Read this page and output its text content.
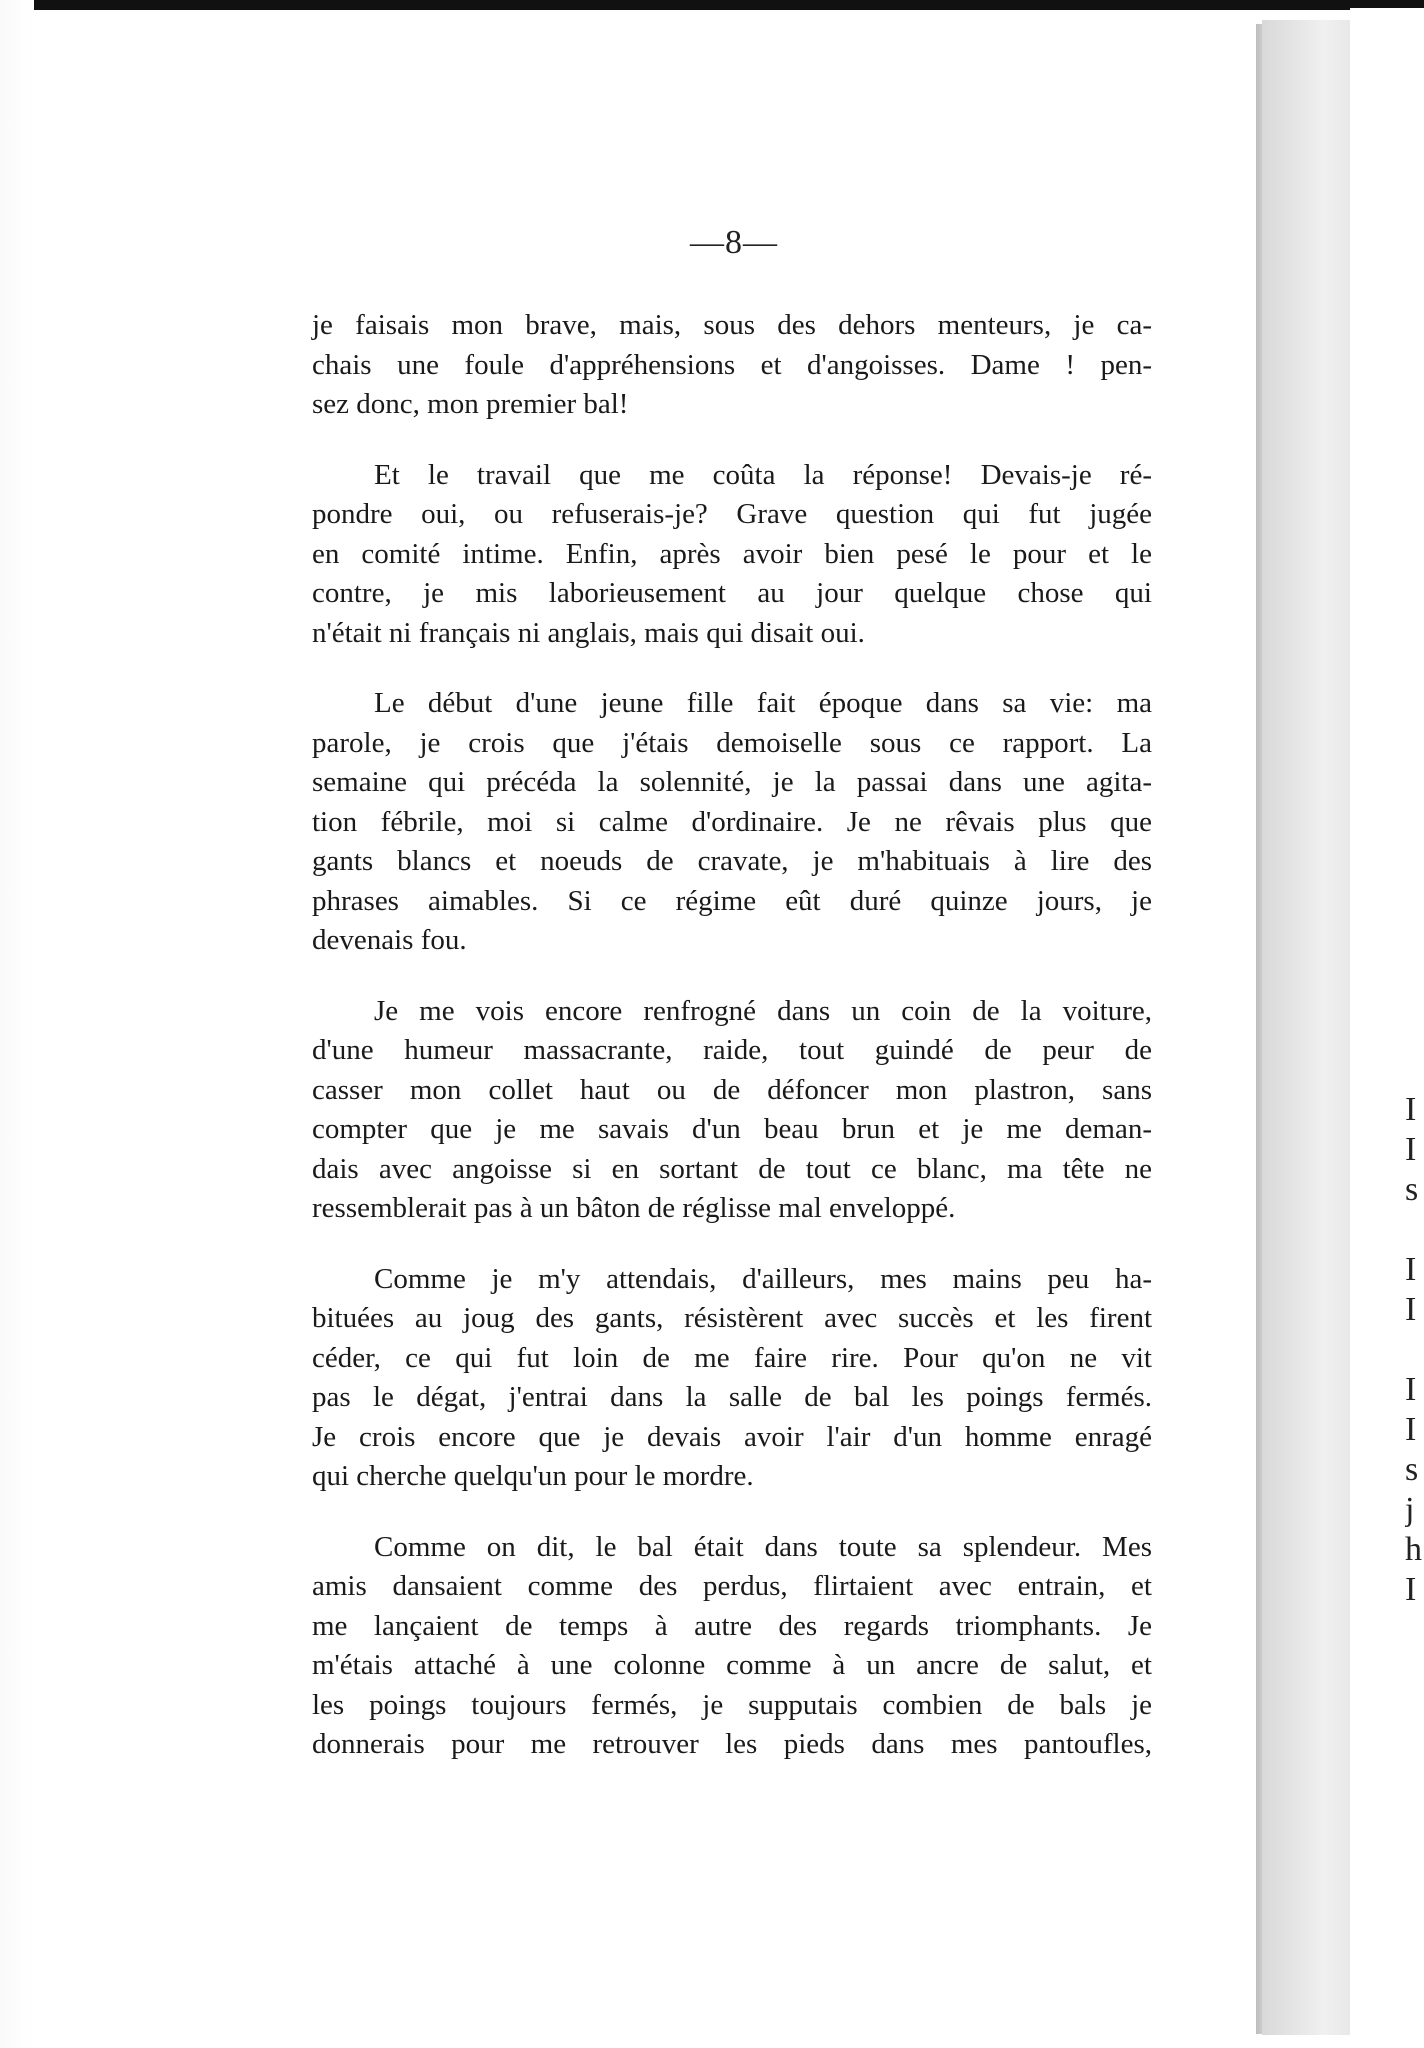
—8—
je faisais mon brave, mais, sous des dehors menteurs, je ca-
chais une foule d'appréhensions et d'angoisses. Dame ! pen-
sez donc, mon premier bal!
Et le travail que me coûta la réponse! Devais-je ré-
pondre oui, ou refuserais-je? Grave question qui fut jugée
en comité intime. Enfin, après avoir bien pesé le pour et le
contre, je mis laborieusement au jour quelque chose qui
n'était ni français ni anglais, mais qui disait oui.
Le début d'une jeune fille fait époque dans sa vie: ma
parole, je crois que j'étais demoiselle sous ce rapport. La
semaine qui précéda la solennité, je la passai dans une agita-
tion fébrile, moi si calme d'ordinaire. Je ne rêvais plus que
gants blancs et noeuds de cravate, je m'habituais à lire des
phrases aimables. Si ce régime eût duré quinze jours, je
devenais fou.
Je me vois encore renfrogné dans un coin de la voiture,
d'une humeur massacrante, raide, tout guindé de peur de
casser mon collet haut ou de défoncer mon plastron, sans
compter que je me savais d'un beau brun et je me deman-
dais avec angoisse si en sortant de tout ce blanc, ma tête ne
ressemblerait pas à un bâton de réglisse mal enveloppé.
Comme je m'y attendais, d'ailleurs, mes mains peu ha-
bituées au joug des gants, résistèrent avec succès et les firent
céder, ce qui fut loin de me faire rire. Pour qu'on ne vit
pas le dégat, j'entrai dans la salle de bal les poings fermés.
Je crois encore que je devais avoir l'air d'un homme enragé
qui cherche quelqu'un pour le mordre.
Comme on dit, le bal était dans toute sa splendeur. Mes
amis dansaient comme des perdus, flirtaient avec entrain, et
me lançaient de temps à autre des regards triomphants. Je
m'étais attaché à une colonne comme à un ancre de salut, et
les poings toujours fermés, je supputais combien de bals je
donnerais pour me retrouver les pieds dans mes pantoufles,
I
I
s
I
I
I
I
s
j
h
I
